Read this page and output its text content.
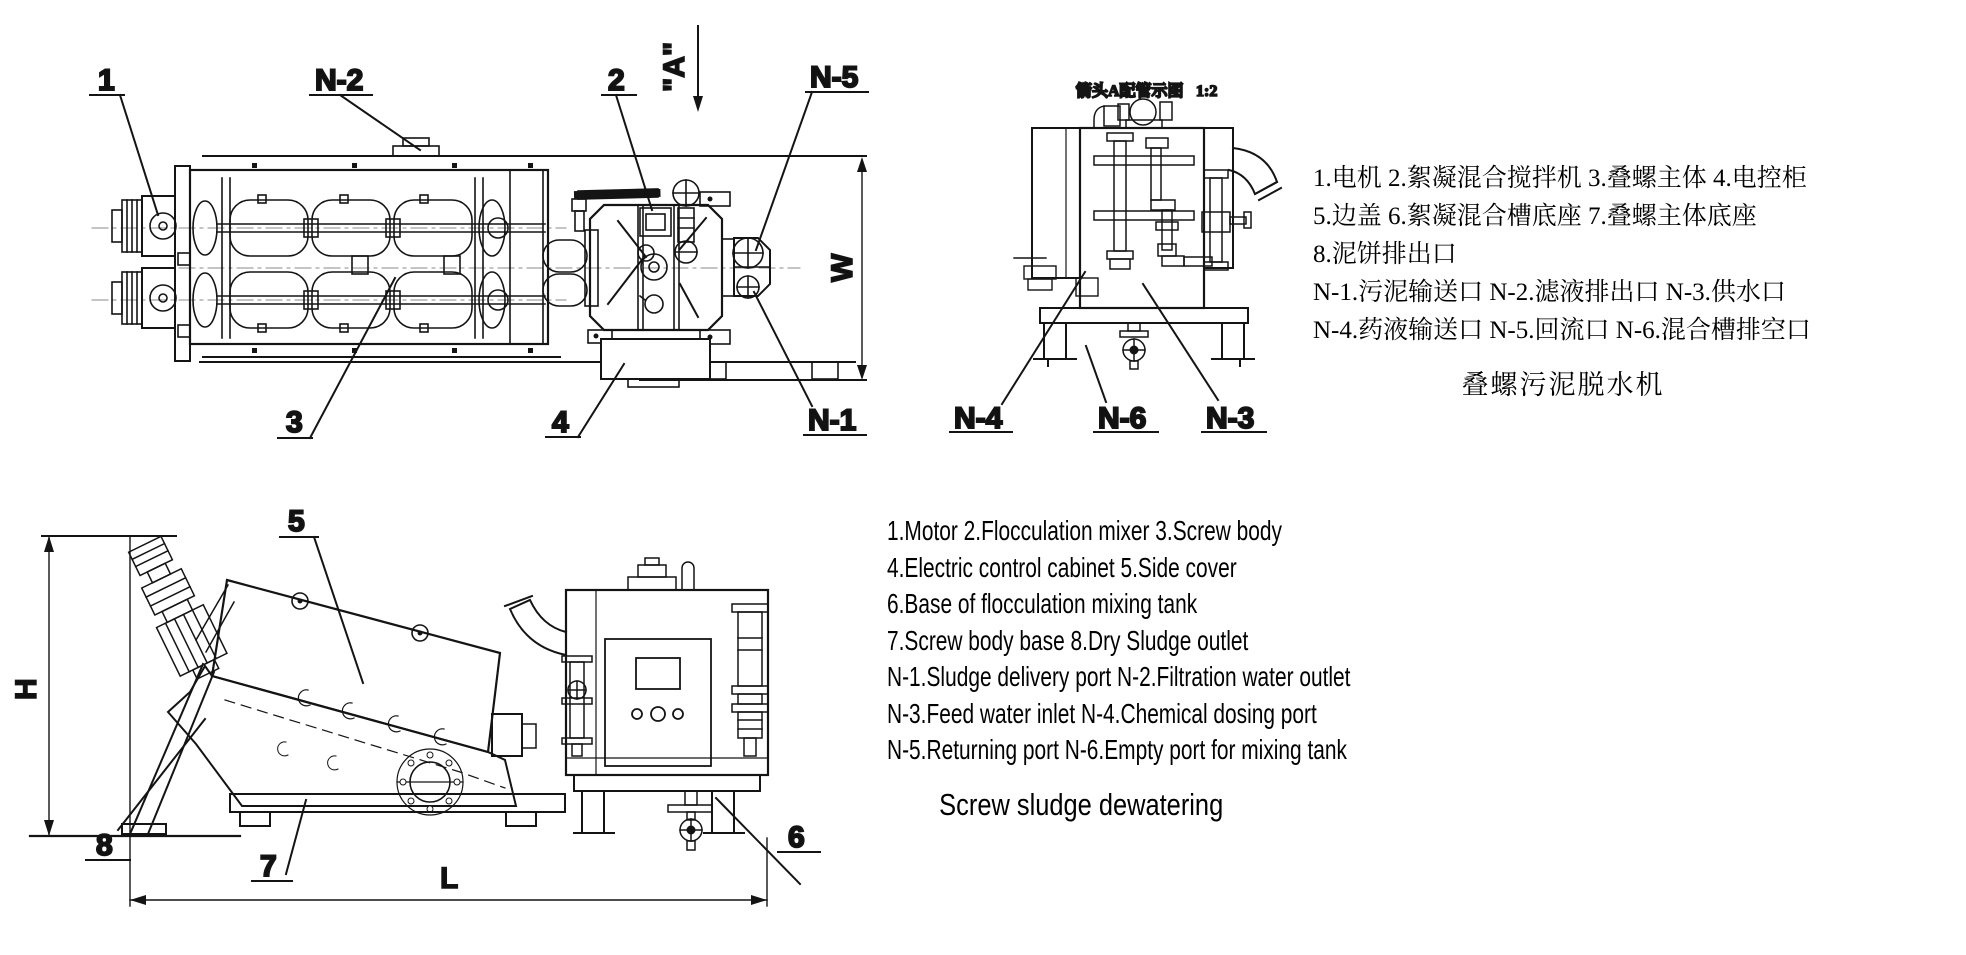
"A"
W
1	N-2	2	N-5
3	4	N-1
箭头A配管示图 1:2
N-4	N-6 N-3
H
L
5
8
7
6
1.电机 2.絮凝混合搅拌机 3.叠螺主体 4.电控柜
5.边盖 6.絮凝混合槽底座 7.叠螺主体底座
8.泥饼排出口
N-1.污泥输送口 N-2.滤液排出口 N-3.供水口
N-4.药液输送口 N-5.回流口 N-6.混合槽排空口
叠螺污泥脱水机
1.Motor 2.Flocculation mixer 3.Screw body
4.Electric control cabinet 5.Side cover
6.Base of flocculation mixing tank
7.Screw body base 8.Dry Sludge outlet
N-1.Sludge delivery port N-2.Filtration water outlet
N-3.Feed water inlet N-4.Chemical dosing port
N-5.Returning port N-6.Empty port for mixing tank
Screw sludge dewatering
